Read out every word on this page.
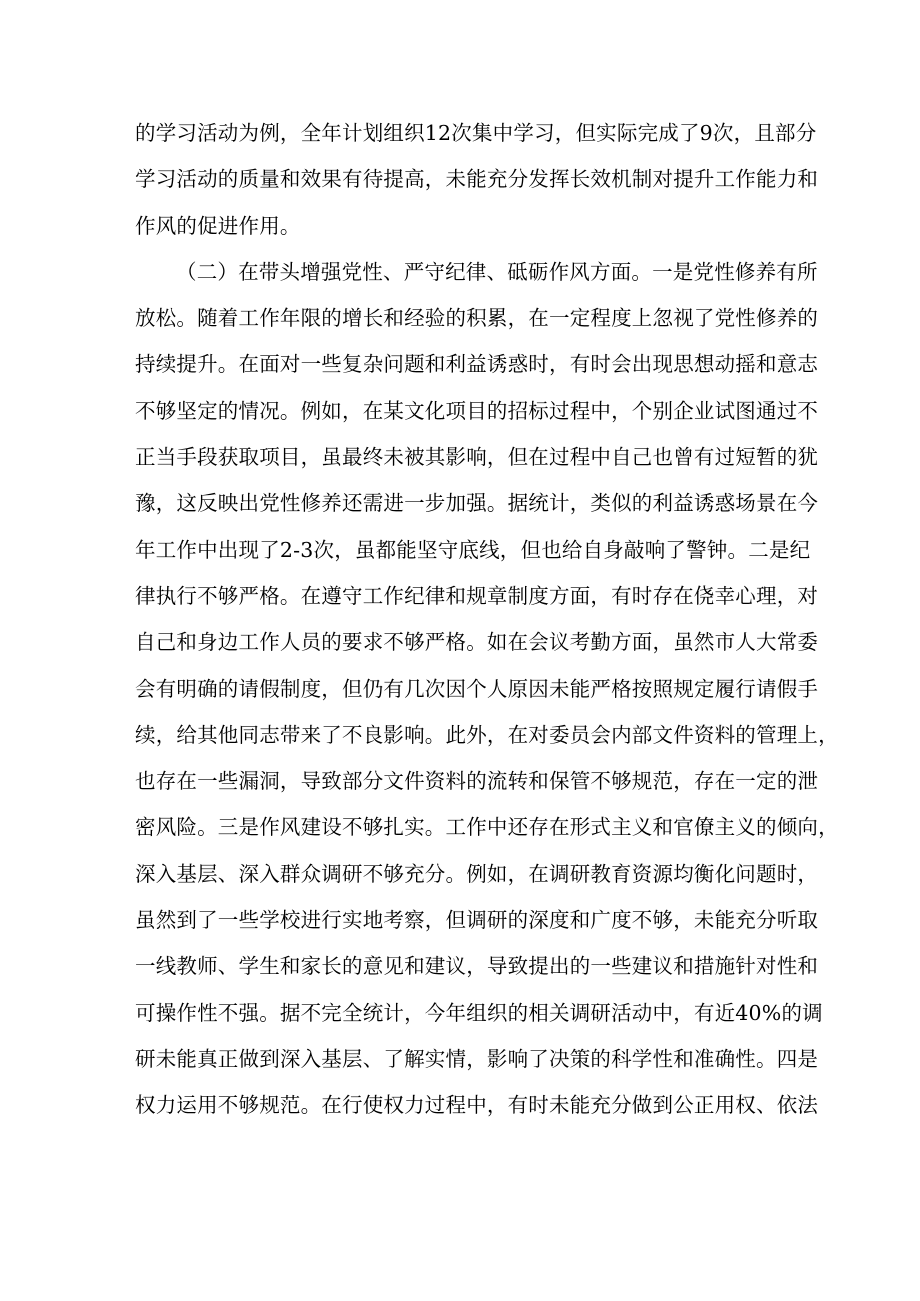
的学习活动为例，全年计划组织12次集中学习，但实际完成了9次，且部分
学习活动的质量和效果有待提高，未能充分发挥长效机制对提升工作能力和
作风的促进作用。
（二）在带头增强党性、严守纪律、砥砺作风方面。一是党性修养有所
放松。随着工作年限的增长和经验的积累，在一定程度上忽视了党性修养的
持续提升。在面对一些复杂问题和利益诱惑时，有时会出现思想动摇和意志
不够坚定的情况。例如，在某文化项目的招标过程中，个别企业试图通过不
正当手段获取项目，虽最终未被其影响，但在过程中自己也曾有过短暂的犹
豫，这反映出党性修养还需进一步加强。据统计，类似的利益诱惑场景在今
年工作中出现了2-3次，虽都能坚守底线，但也给自身敲响了警钟。二是纪
律执行不够严格。在遵守工作纪律和规章制度方面，有时存在侥幸心理，对
自己和身边工作人员的要求不够严格。如在会议考勤方面，虽然市人大常委
会有明确的请假制度，但仍有几次因个人原因未能严格按照规定履行请假手
续，给其他同志带来了不良影响。此外，在对委员会内部文件资料的管理上，
也存在一些漏洞，导致部分文件资料的流转和保管不够规范，存在一定的泄
密风险。三是作风建设不够扎实。工作中还存在形式主义和官僚主义的倾向，
深入基层、深入群众调研不够充分。例如，在调研教育资源均衡化问题时，
虽然到了一些学校进行实地考察，但调研的深度和广度不够，未能充分听取
一线教师、学生和家长的意见和建议，导致提出的一些建议和措施针对性和
可操作性不强。据不完全统计，今年组织的相关调研活动中，有近40%的调
研未能真正做到深入基层、了解实情，影响了决策的科学性和准确性。四是
权力运用不够规范。在行使权力过程中，有时未能充分做到公正用权、依法
